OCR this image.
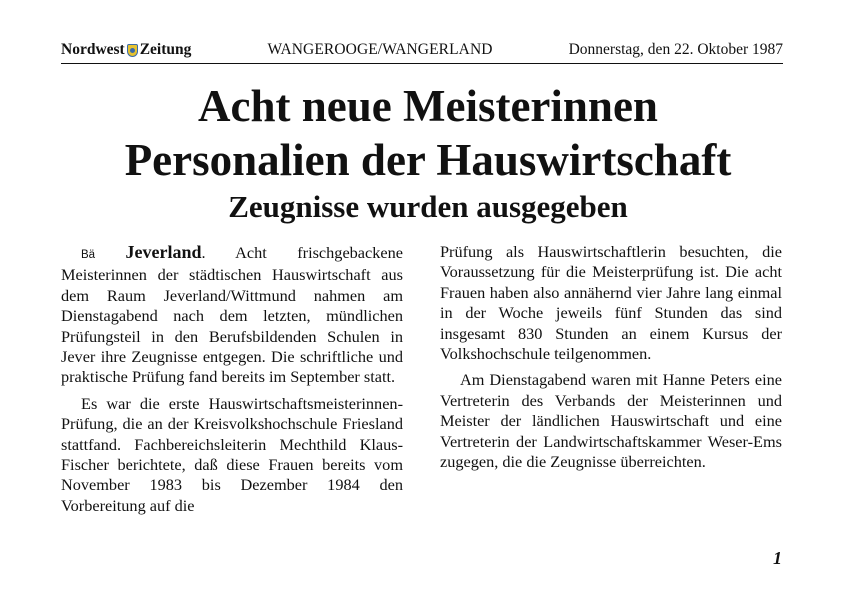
Nordwest Zeitung	WANGEROOGE/WANGERLAND	Donnerstag, den 22. Oktober 1987
Acht neue Meisterinnen
Personalien der Hauswirtschaft
Zeugnisse wurden ausgegeben

Bä Jeverland. Acht frischgebackene Meisterinnen der städtischen Hauswirtschaft aus dem Raum Jeverland/Wittmund nahmen am Dienstagabend nach dem letzten, mündlichen Prüfungsteil in den Berufsbildenden Schulen in Jever ihre Zeugnisse entgegen. Die schriftliche und praktische Prüfung fand bereits im September statt.

Es war die erste Hauswirtschaftsmeisterinnen-Prüfung, die an der Kreisvolkshochschule Friesland stattfand. Fachbereichsleiterin Mechthild Klaus-Fischer berichtete, daß diese Frauen bereits vom November 1983 bis Dezember 1984 den Vorbereitung auf die

Prüfung als Hauswirtschaftlerin besuchten, die Voraussetzung für die Meisterprüfung ist. Die acht Frauen haben also annähernd vier Jahre lang einmal in der Woche jeweils fünf Stunden das sind insgesamt 830 Stunden an einem Kursus der Volkshochschule teilgenommen.

Am Dienstagabend waren mit Hanne Peters eine Vertreterin des Verbands der Meisterinnen und Meister der ländlichen Hauswirtschaft und eine Vertreterin der Landwirtschaftskammer Weser-Ems zugegen, die die Zeugnisse überreichten.

1
